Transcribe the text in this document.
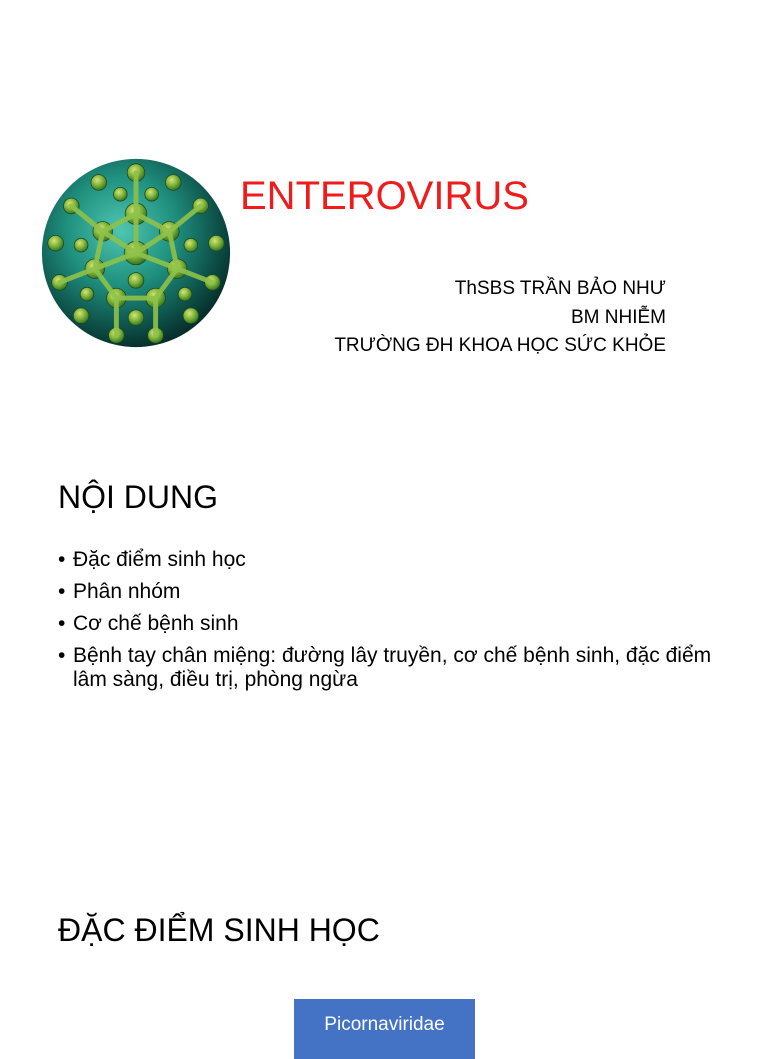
ENTEROVIRUS
ThSBS TRẦN BẢO NHƯ
BM NHIỄM
TRƯỜNG ĐH KHOA HỌC SỨC KHỎE
NỘI DUNG
• Đặc điểm sinh học
• Phân nhóm
• Cơ chế bệnh sinh
• Bệnh tay chân miệng: đường lây truyền, cơ chế bệnh sinh, đặc điểm lâm sàng, điều trị, phòng ngừa
ĐẶC ĐIỂM SINH HỌC
Picornaviridae
